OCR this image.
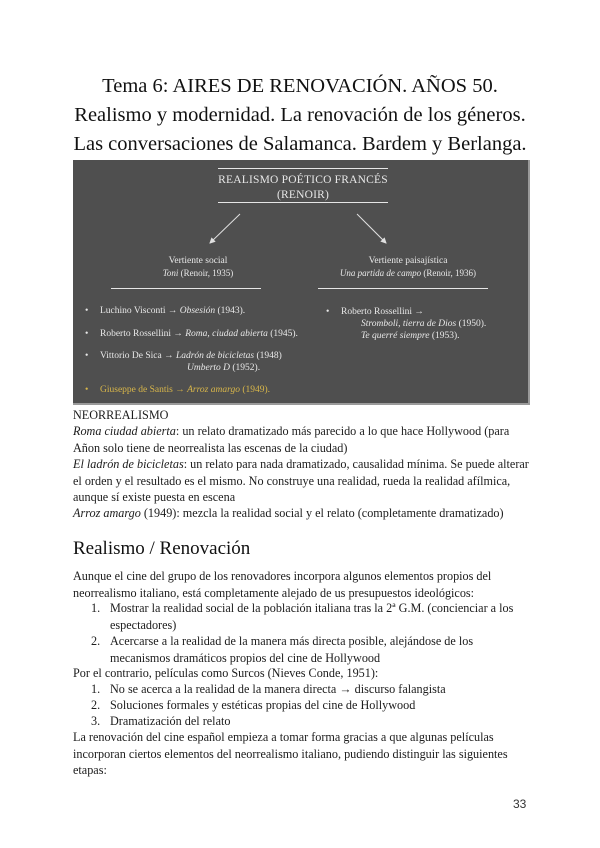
Tema 6: AIRES DE RENOVACIÓN. AÑOS 50.
Realismo y modernidad. La renovación de los géneros.
Las conversaciones de Salamanca. Bardem y Berlanga.
REALISMO POÉTICO FRANCÉS
(RENOIR)
Vertiente social
Toni (Renoir, 1935)
Vertiente paisajística
Una partida de campo (Renoir, 1936)
• Luchino Visconti → Obsesión (1943).
• Roberto Rossellini → Roma, ciudad abierta (1945).
• Vittorio De Sica → Ladrón de bicicletas (1948)
Umberto D (1952).
• Giuseppe de Santis → Arroz amargo (1949).
• Roberto Rossellini →
Stromboli, tierra de Dios (1950).
Te querré siempre (1953).
NEORREALISMO
Roma ciudad abierta: un relato dramatizado más parecido a lo que hace Hollywood (para
Añon solo tiene de neorrealista las escenas de la ciudad)
El ladrón de bicicletas: un relato para nada dramatizado, causalidad mínima. Se puede alterar
el orden y el resultado es el mismo. No construye una realidad, rueda la realidad afílmica,
aunque sí existe puesta en escena
Arroz amargo (1949): mezcla la realidad social y el relato (completamente dramatizado)
Realismo / Renovación
Aunque el cine del grupo de los renovadores incorpora algunos elementos propios del
neorrealismo italiano, está completamente alejado de us presupuestos ideológicos:
1. Mostrar la realidad social de la población italiana tras la 2ª G.M. (concienciar a los
espectadores)
2. Acercarse a la realidad de la manera más directa posible, alejándose de los
mecanismos dramáticos propios del cine de Hollywood
Por el contrario, películas como Surcos (Nieves Conde, 1951):
1. No se acerca a la realidad de la manera directa → discurso falangista
2. Soluciones formales y estéticas propias del cine de Hollywood
3. Dramatización del relato
La renovación del cine español empieza a tomar forma gracias a que algunas películas
incorporan ciertos elementos del neorrealismo italiano, pudiendo distinguir las siguientes
etapas:
33
